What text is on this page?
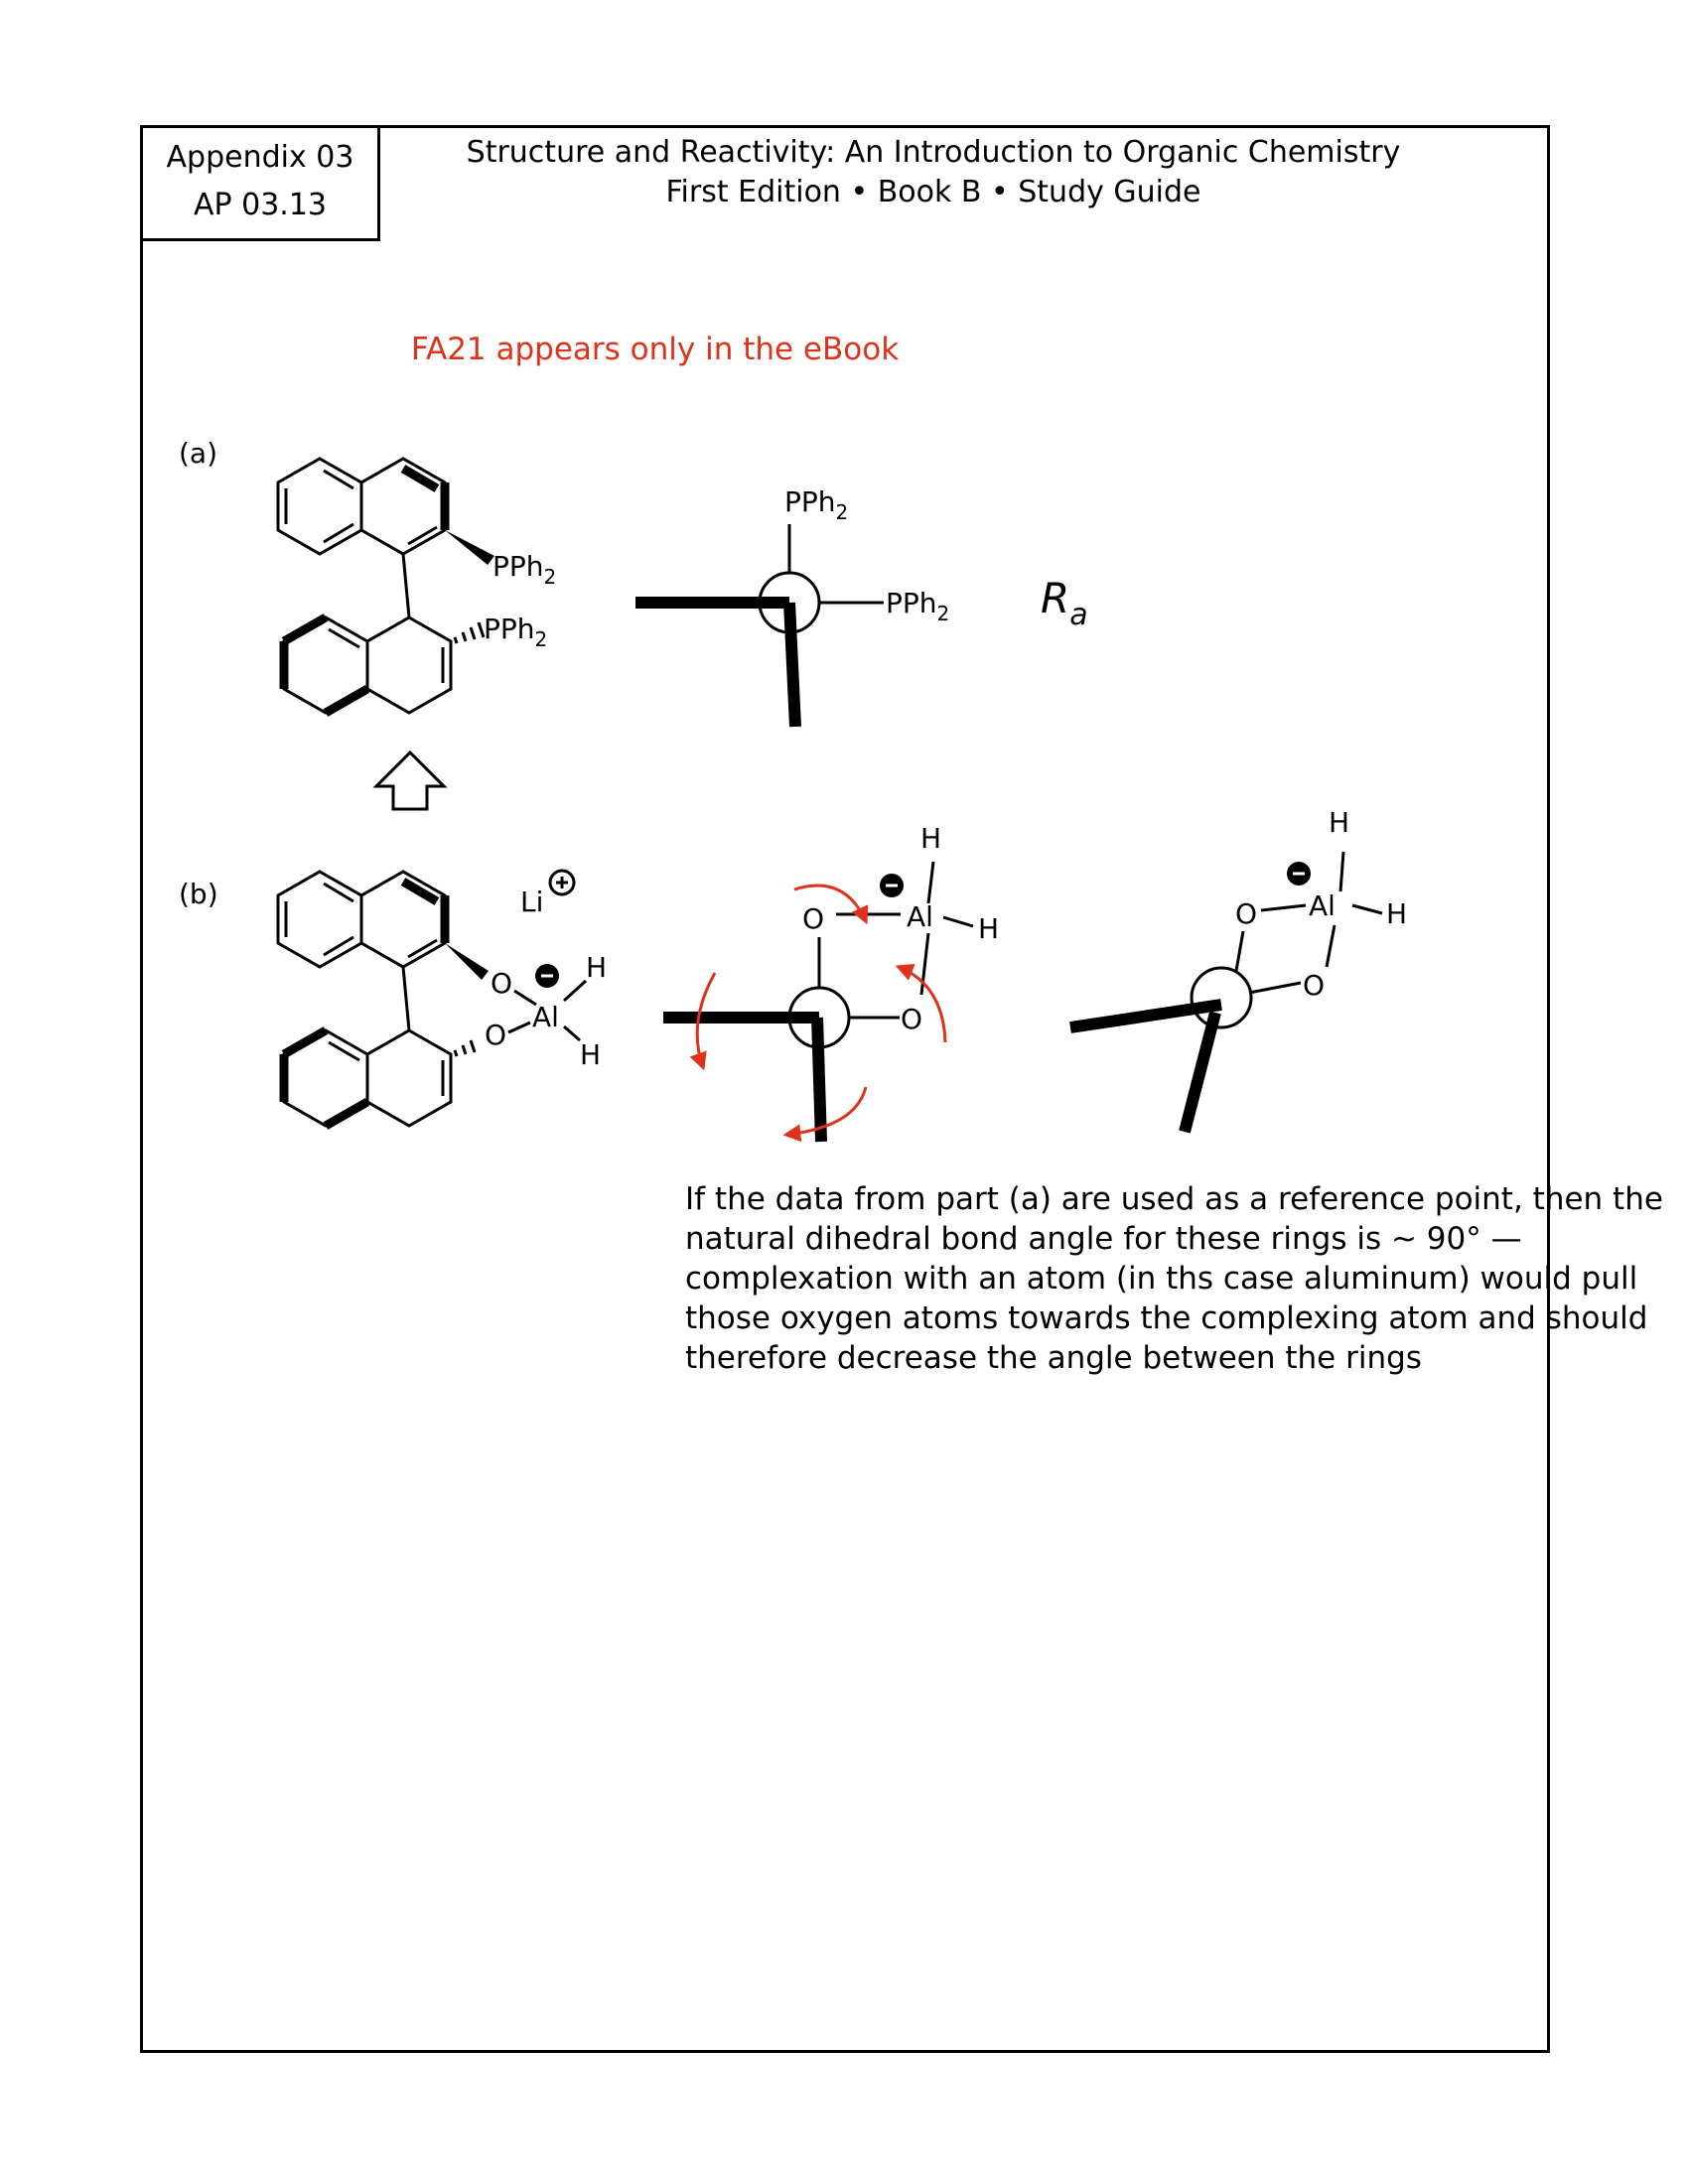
Appendix 03
AP 03.13
Structure and Reactivity: An Introduction to Organic Chemistry
First Edition • Book B • Study Guide
FA21 appears only in the eBook
(a)
(b)
PPh$_2$
PPh$_2$
PPh$_2$
PPh$_2$ $R_a$
Li
O
O
Al
H
H
O
O
Al
H
H	O
O
Al
H
H
If the data from part (a) are used as a reference point, then the
natural dihedral bond angle for these rings is ~ 90° —
complexation with an atom (in ths case aluminum) would pull
those oxygen atoms towards the complexing atom and should
therefore decrease the angle between the rings
